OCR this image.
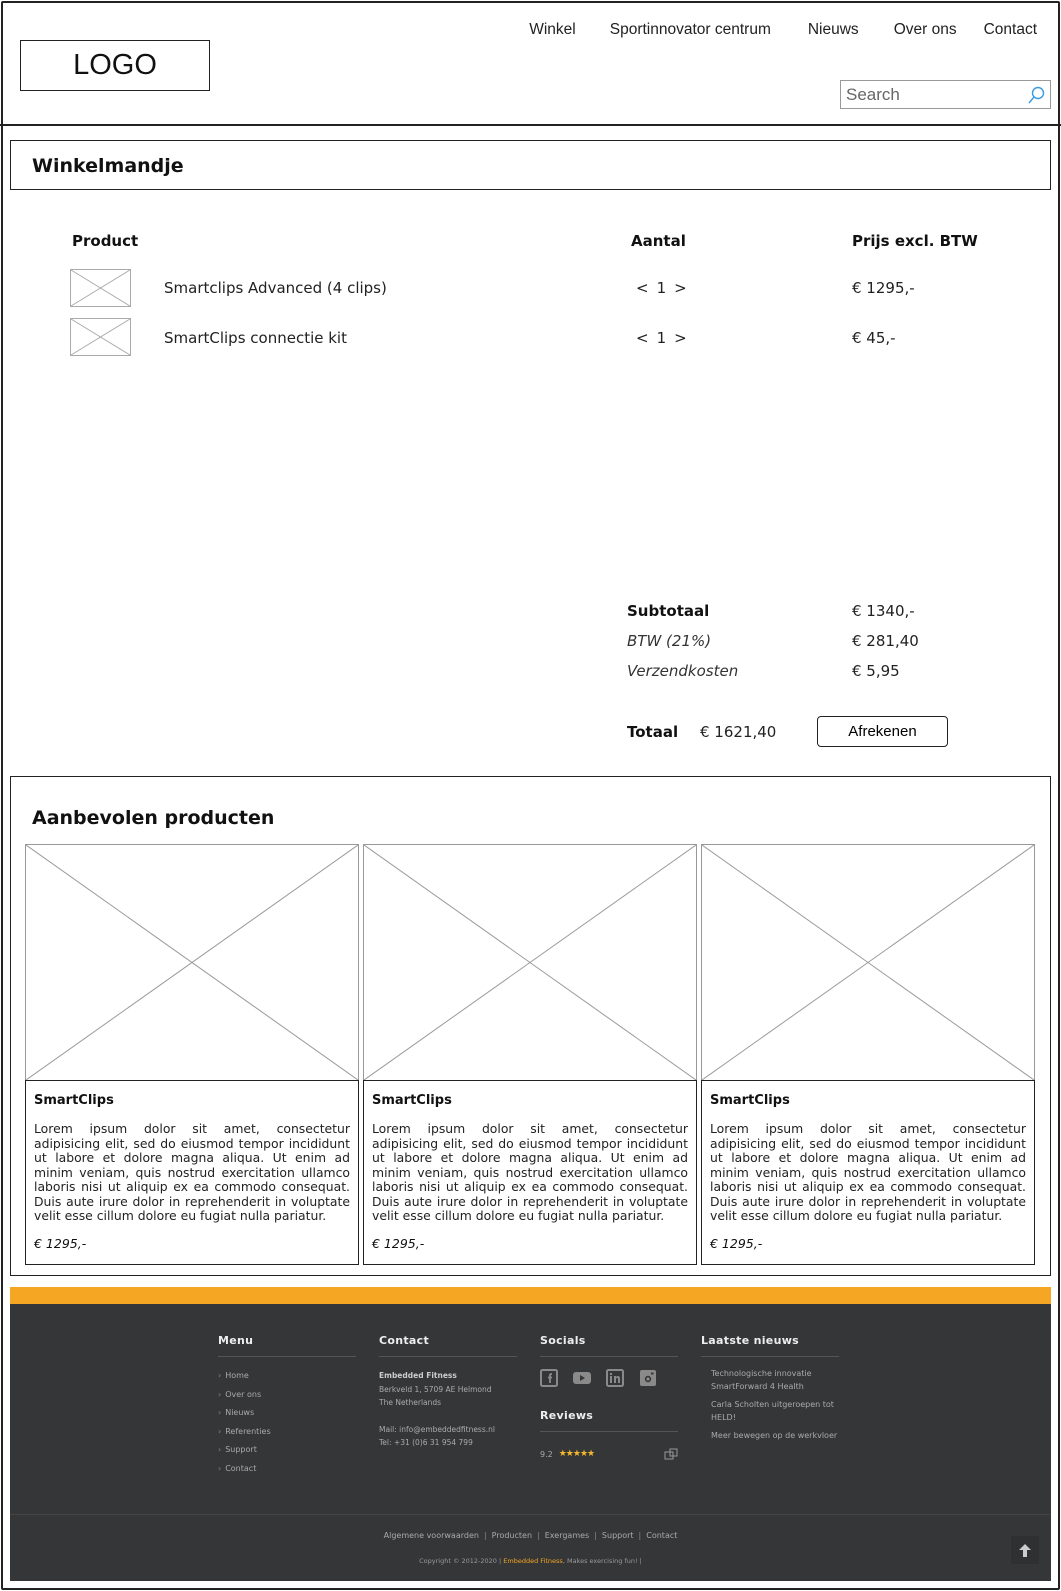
LOGO
Winkel Sportinnovator centrum Nieuws Over ons Contact
Search
Winkelmandje
Product	Aantal	Prijs excl. BTW
Smartclips Advanced (4 clips)	< 1 >	€ 1295,-
SmartClips connectie kit	< 1 >	€ 45,-
Subtotaal	€ 1340,-
BTW (21%)	€ 281,40
Verzendkosten	€ 5,95
Totaal € 1621,40	Afrekenen
Aanbevolen producten
SmartClips
Lorem ipsum dolor sit amet, consectetur adipisicing elit, sed do eiusmod tempor incididunt ut labore et dolore magna aliqua. Ut enim ad minim veniam, quis nostrud exercitation ullamco laboris nisi ut aliquip ex ea commodo consequat. Duis aute irure dolor in reprehenderit in voluptate velit esse cillum dolore eu fugiat nulla pariatur.
€ 1295,-
SmartClips
Lorem ipsum dolor sit amet, consectetur adipisicing elit, sed do eiusmod tempor incididunt ut labore et dolore magna aliqua. Ut enim ad minim veniam, quis nostrud exercitation ullamco laboris nisi ut aliquip ex ea commodo consequat. Duis aute irure dolor in reprehenderit in voluptate velit esse cillum dolore eu fugiat nulla pariatur.
€ 1295,-
SmartClips
Lorem ipsum dolor sit amet, consectetur adipisicing elit, sed do eiusmod tempor incididunt ut labore et dolore magna aliqua. Ut enim ad minim veniam, quis nostrud exercitation ullamco laboris nisi ut aliquip ex ea commodo consequat. Duis aute irure dolor in reprehenderit in voluptate velit esse cillum dolore eu fugiat nulla pariatur.
€ 1295,-
Menu
› Home
› Over ons
› Nieuws
› Referenties
› Support
› Contact
Contact
Embedded Fitness
Berkveld 1, 5709 AE Helmond
The Netherlands
Mail: info@embeddedfitness.nl
Tel: +31 (0)6 31 954 799
Socials
Reviews
9.2 ★★★★★
Laatste nieuws
Technologische innovatie SmartForward 4 Health
Carla Scholten uitgeroepen tot HELD!
Meer bewegen op de werkvloer
Algemene voorwaarden | Producten | Exergames | Support | Contact
Copyright © 2012-2020 | Embedded Fitness, Makes exercising fun! |
